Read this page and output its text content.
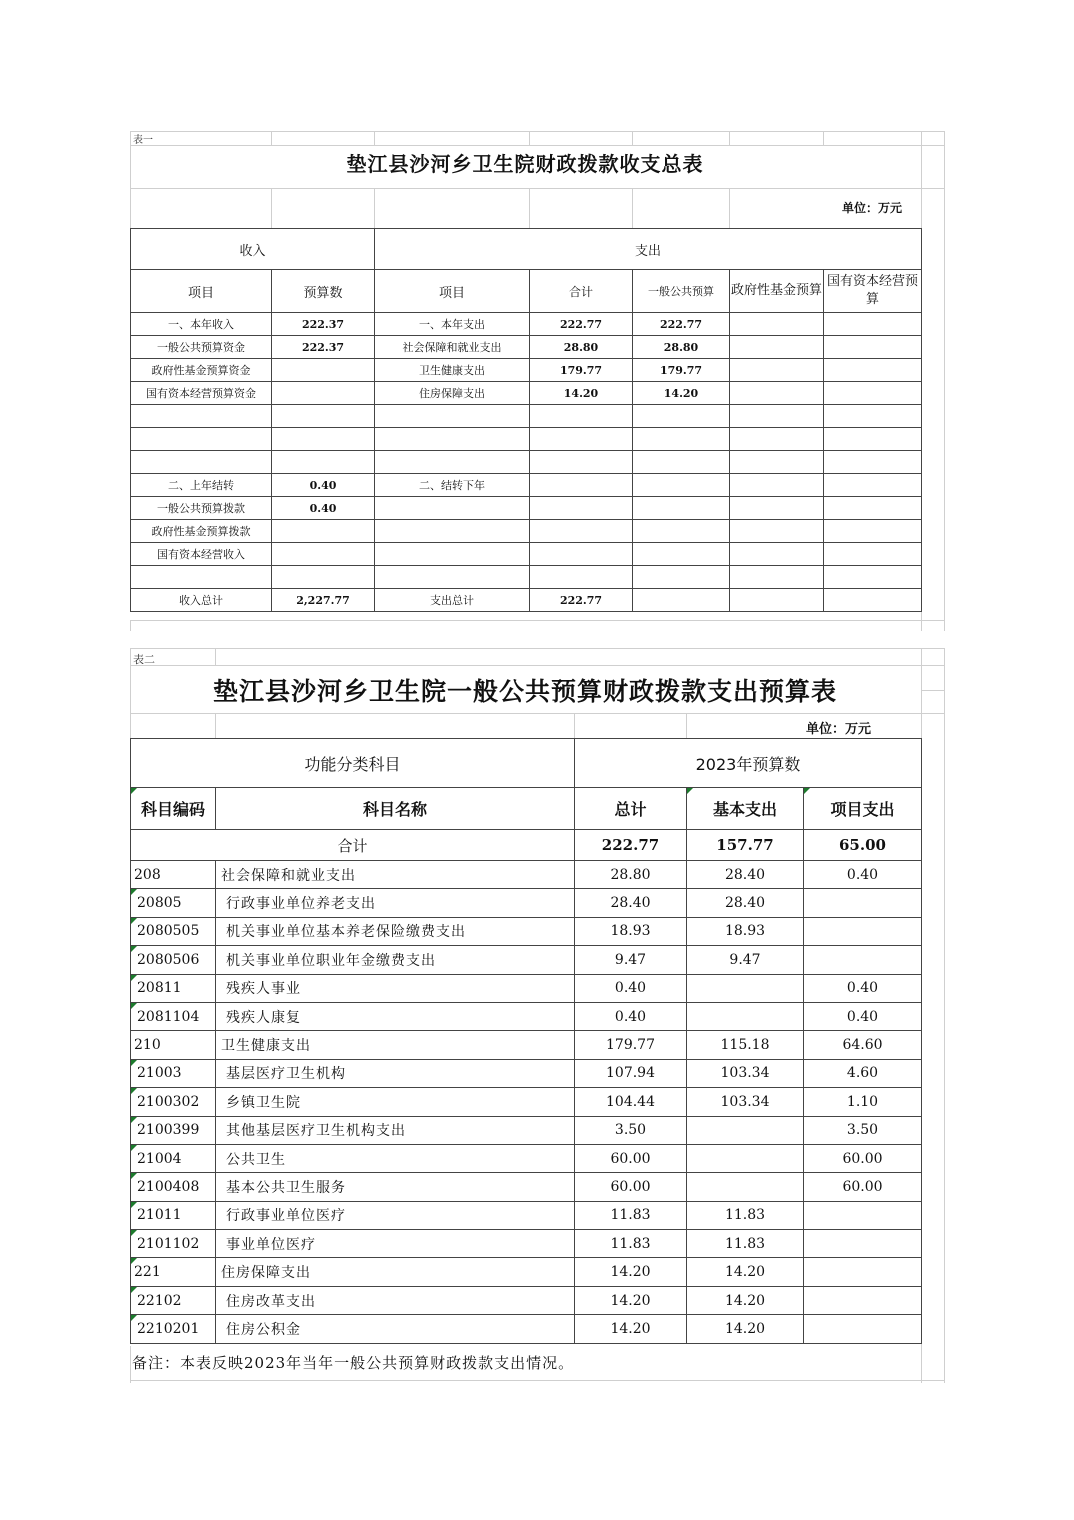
表一
垫江县沙河乡卫生院财政拨款收支总表
单位：万元
收入		支出				
项目	预算数	项目	合计	一般公共预算	政府性基金预算	国有资本经营预算
一、本年收入	222.37	一、本年支出	222.77	222.77		
一般公共预算资金	222.37	社会保障和就业支出	28.80	28.80		
政府性基金预算资金		卫生健康支出	179.77	179.77		
国有资本经营预算资金		住房保障支出	14.20	14.20		

二、上年结转	0.40	二、结转下年				
一般公共预算拨款	0.40					
政府性基金预算拨款						
国有资本经营收入						

收入总计	2,227.77	支出总计	222.77			
表二
垫江县沙河乡卫生院一般公共预算财政拨款支出预算表
单位：万元
功能分类科目		2023年预算数		
科目编码	科目名称	总计	基本支出	项目支出
合计		222.77	157.77	65.00
208	社会保障和就业支出	28.80	28.40	0.40
20805	行政事业单位养老支出	28.40	28.40	
2080505	机关事业单位基本养老保险缴费支出	18.93	18.93	
2080506	机关事业单位职业年金缴费支出	9.47	9.47	
20811	残疾人事业	0.40		0.40
2081104	残疾人康复	0.40		0.40
210	卫生健康支出	179.77	115.18	64.60
21003	基层医疗卫生机构	107.94	103.34	4.60
2100302	乡镇卫生院	104.44	103.34	1.10
2100399	其他基层医疗卫生机构支出	3.50		3.50
21004	公共卫生	60.00		60.00
2100408	基本公共卫生服务	60.00		60.00
21011	行政事业单位医疗	11.83	11.83	
2101102	事业单位医疗	11.83	11.83	
221	住房保障支出	14.20	14.20	
22102	住房改革支出	14.20	14.20	
2210201	住房公积金	14.20	14.20	
备注：本表反映2023年当年一般公共预算财政拨款支出情况。
